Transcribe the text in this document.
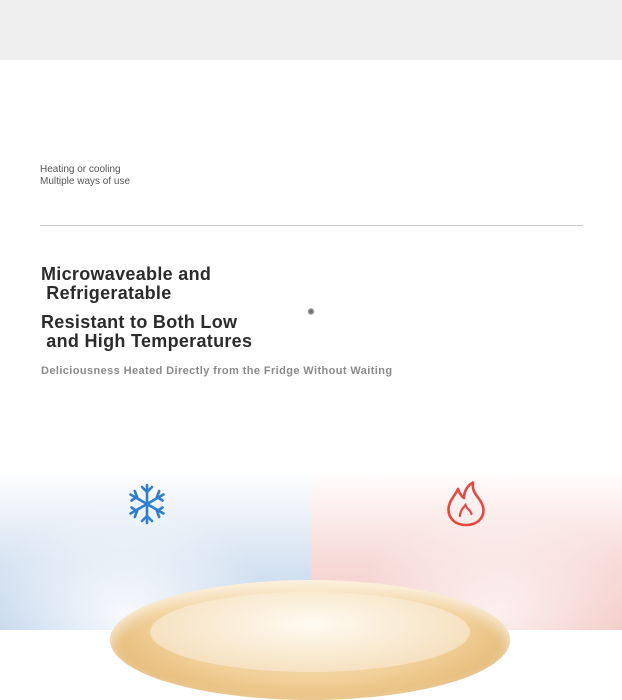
Heating or cooling
Multiple ways of use
Microwaveable and
Refrigeratable
Resistant to Both Low
and High Temperatures
Deliciousness Heated Directly from the Fridge Without Waiting
